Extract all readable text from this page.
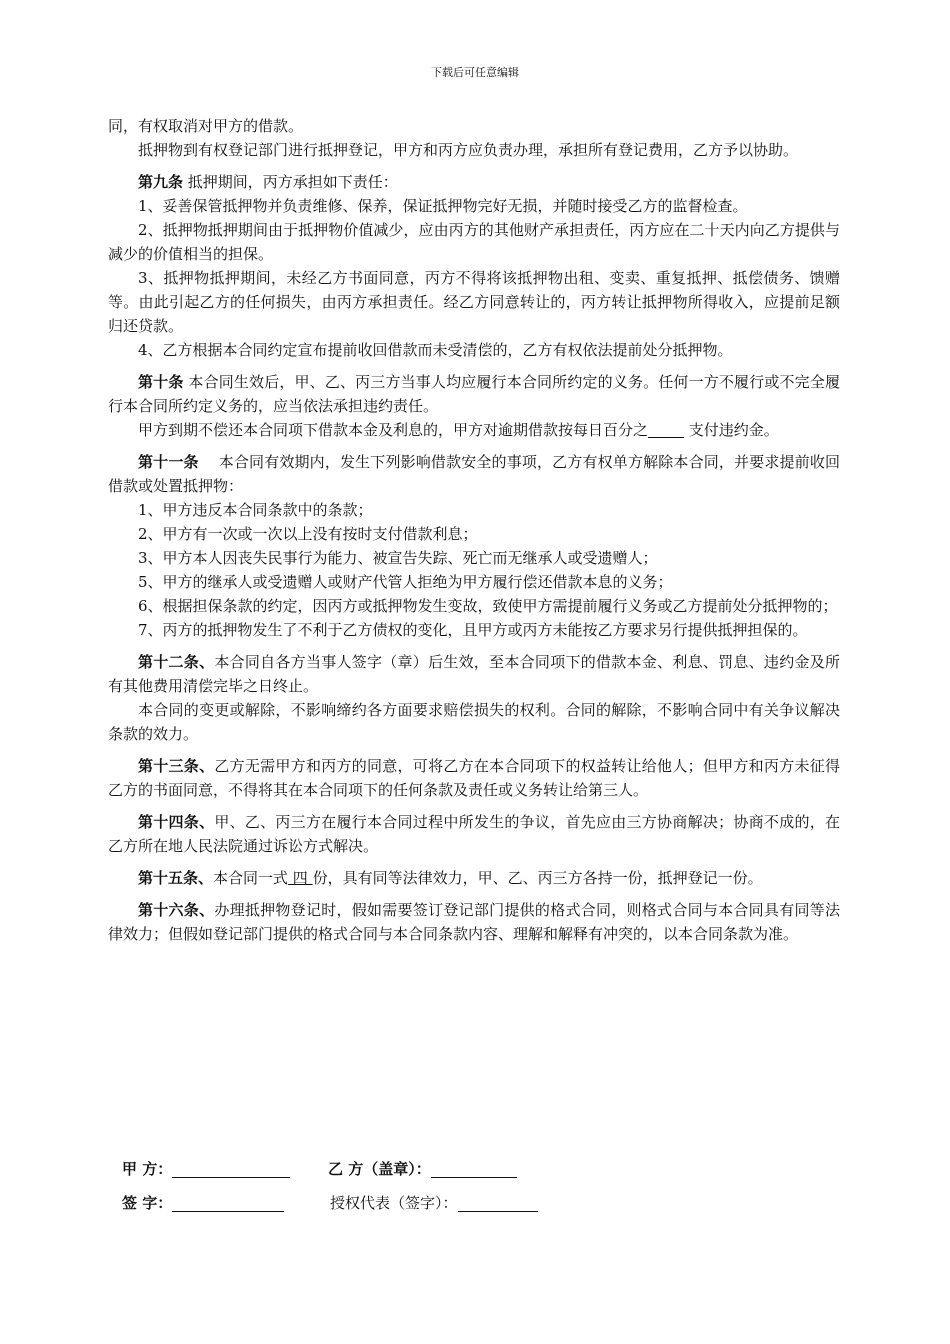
下载后可任意编辑

同，有权取消对甲方的借款。

抵押物到有权登记部门进行抵押登记，甲方和丙方应负责办理，承担所有登记费用，乙方予以协助。

第九条 抵押期间，丙方承担如下责任：

1、妥善保管抵押物并负责维修、保养，保证抵押物完好无损，并随时接受乙方的监督检查。

2、抵押物抵押期间由于抵押物价值减少，应由丙方的其他财产承担责任，丙方应在二十天内向乙方提供与减少的价值相当的担保。

3、抵押物抵押期间，未经乙方书面同意，丙方不得将该抵押物出租、变卖、重复抵押、抵偿债务、馈赠等。由此引起乙方的任何损失，由丙方承担责任。经乙方同意转让的，丙方转让抵押物所得收入，应提前足额归还贷款。

4、乙方根据本合同约定宣布提前收回借款而未受清偿的，乙方有权依法提前处分抵押物。

第十条 本合同生效后，甲、乙、丙三方当事人均应履行本合同所约定的义务。任何一方不履行或不完全履行本合同所约定义务的，应当依法承担违约责任。

甲方到期不偿还本合同项下借款本金及利息的，甲方对逾期借款按每日百分之 支付违约金。

第十一条　 本合同有效期内，发生下列影响借款安全的事项，乙方有权单方解除本合同，并要求提前收回借款或处置抵押物：

1、甲方违反本合同条款中的条款；

2、甲方有一次或一次以上没有按时支付借款利息；

3、甲方本人因丧失民事行为能力、被宣告失踪、死亡而无继承人或受遗赠人；

5、甲方的继承人或受遗赠人或财产代管人拒绝为甲方履行偿还借款本息的义务；

6、根据担保条款的约定，因丙方或抵押物发生变故，致使甲方需提前履行义务或乙方提前处分抵押物的；

7、丙方的抵押物发生了不利于乙方债权的变化，且甲方或丙方未能按乙方要求另行提供抵押担保的。

第十二条、本合同自各方当事人签字（章）后生效，至本合同项下的借款本金、利息、罚息、违约金及所有其他费用清偿完毕之日终止。

本合同的变更或解除，不影响缔约各方面要求赔偿损失的权利。合同的解除，不影响合同中有关争议解决条款的效力。

第十三条、乙方无需甲方和丙方的同意，可将乙方在本合同项下的权益转让给他人；但甲方和丙方未征得乙方的书面同意，不得将其在本合同项下的任何条款及责任或义务转让给第三人。

第十四条、甲、乙、丙三方在履行本合同过程中所发生的争议，首先应由三方协商解决；协商不成的，在乙方所在地人民法院通过诉讼方式解决。

第十五条、本合同一式 四 份，具有同等法律效力，甲、乙、丙三方各持一份，抵押登记一份。

第十六条、办理抵押物登记时，假如需要签订登记部门提供的格式合同，则格式合同与本合同具有同等法律效力；但假如登记部门提供的格式合同与本合同条款内容、理解和解释有冲突的，以本合同条款为准。

甲 方：	乙 方（盖章）：
签 字：	授权代表（签字）：
